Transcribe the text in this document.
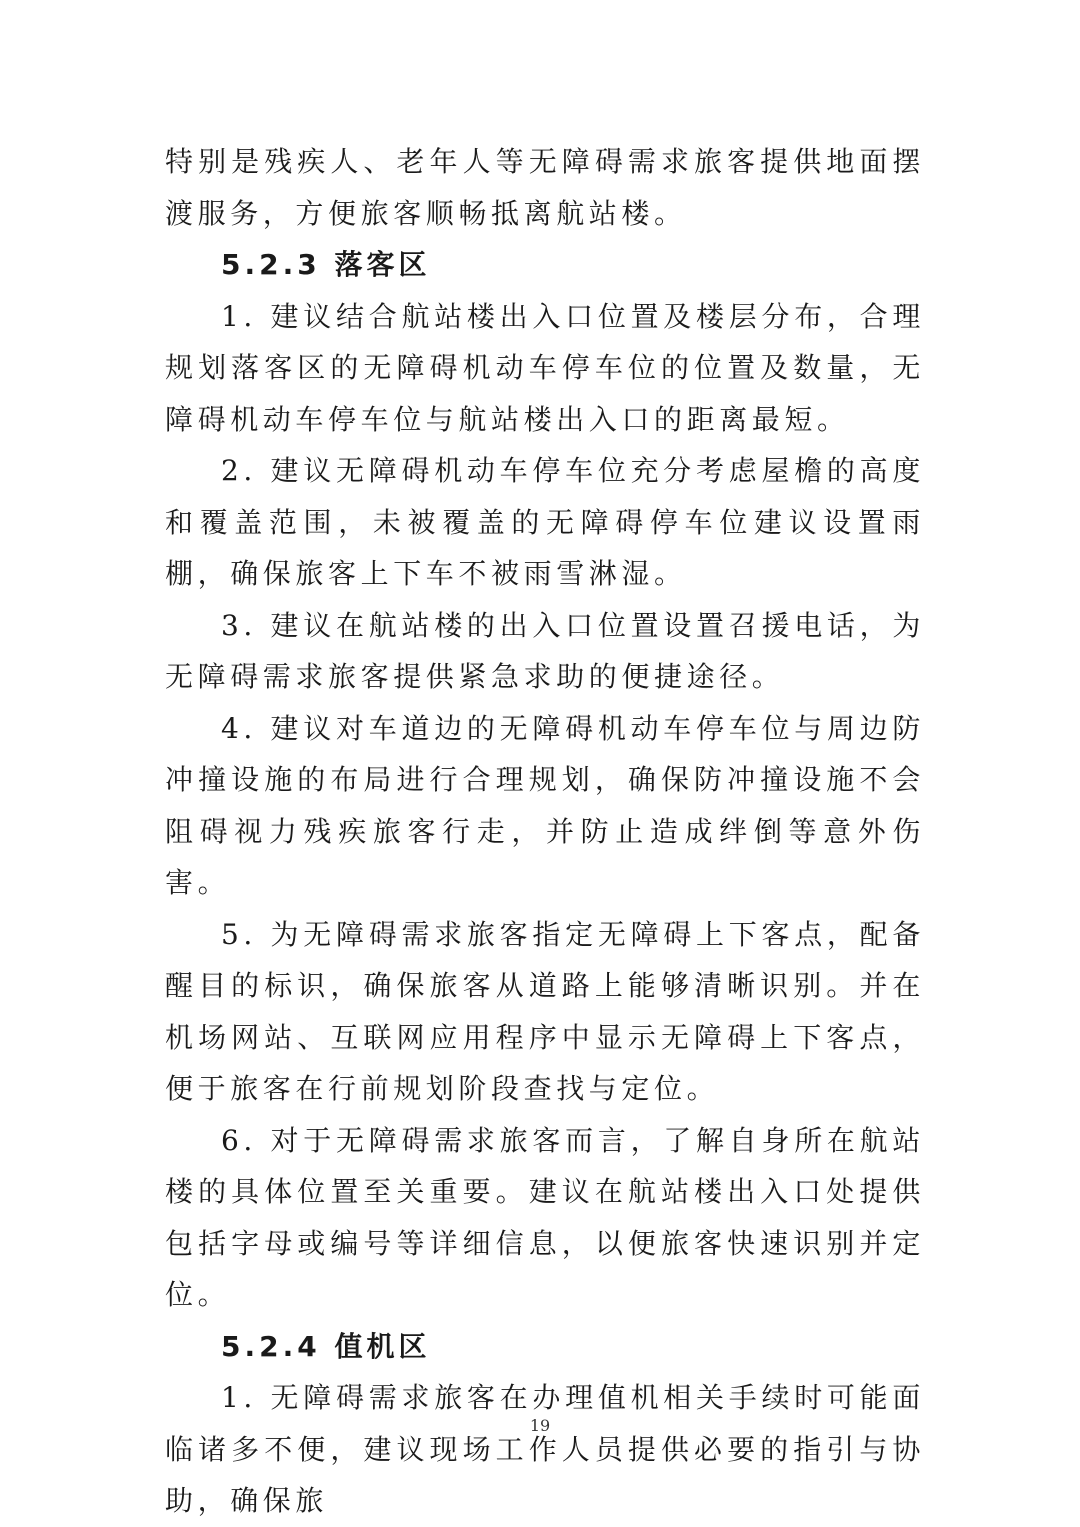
特别是残疾人、老年人等无障碍需求旅客提供地面摆渡服务，方便旅客顺畅抵离航站楼。

5.2.3 落客区

1. 建议结合航站楼出入口位置及楼层分布，合理规划落客区的无障碍机动车停车位的位置及数量，无障碍机动车停车位与航站楼出入口的距离最短。

2. 建议无障碍机动车停车位充分考虑屋檐的高度和覆盖范围，未被覆盖的无障碍停车位建议设置雨棚，确保旅客上下车不被雨雪淋湿。

3. 建议在航站楼的出入口位置设置召援电话，为无障碍需求旅客提供紧急求助的便捷途径。

4. 建议对车道边的无障碍机动车停车位与周边防冲撞设施的布局进行合理规划，确保防冲撞设施不会阻碍视力残疾旅客行走，并防止造成绊倒等意外伤害。

5. 为无障碍需求旅客指定无障碍上下客点，配备醒目的标识，确保旅客从道路上能够清晰识别。并在机场网站、互联网应用程序中显示无障碍上下客点，便于旅客在行前规划阶段查找与定位。

6. 对于无障碍需求旅客而言，了解自身所在航站楼的具体位置至关重要。建议在航站楼出入口处提供包括字母或编号等详细信息，以便旅客快速识别并定位。

5.2.4 值机区

1. 无障碍需求旅客在办理值机相关手续时可能面临诸多不便，建议现场工作人员提供必要的指引与协助，确保旅

19
